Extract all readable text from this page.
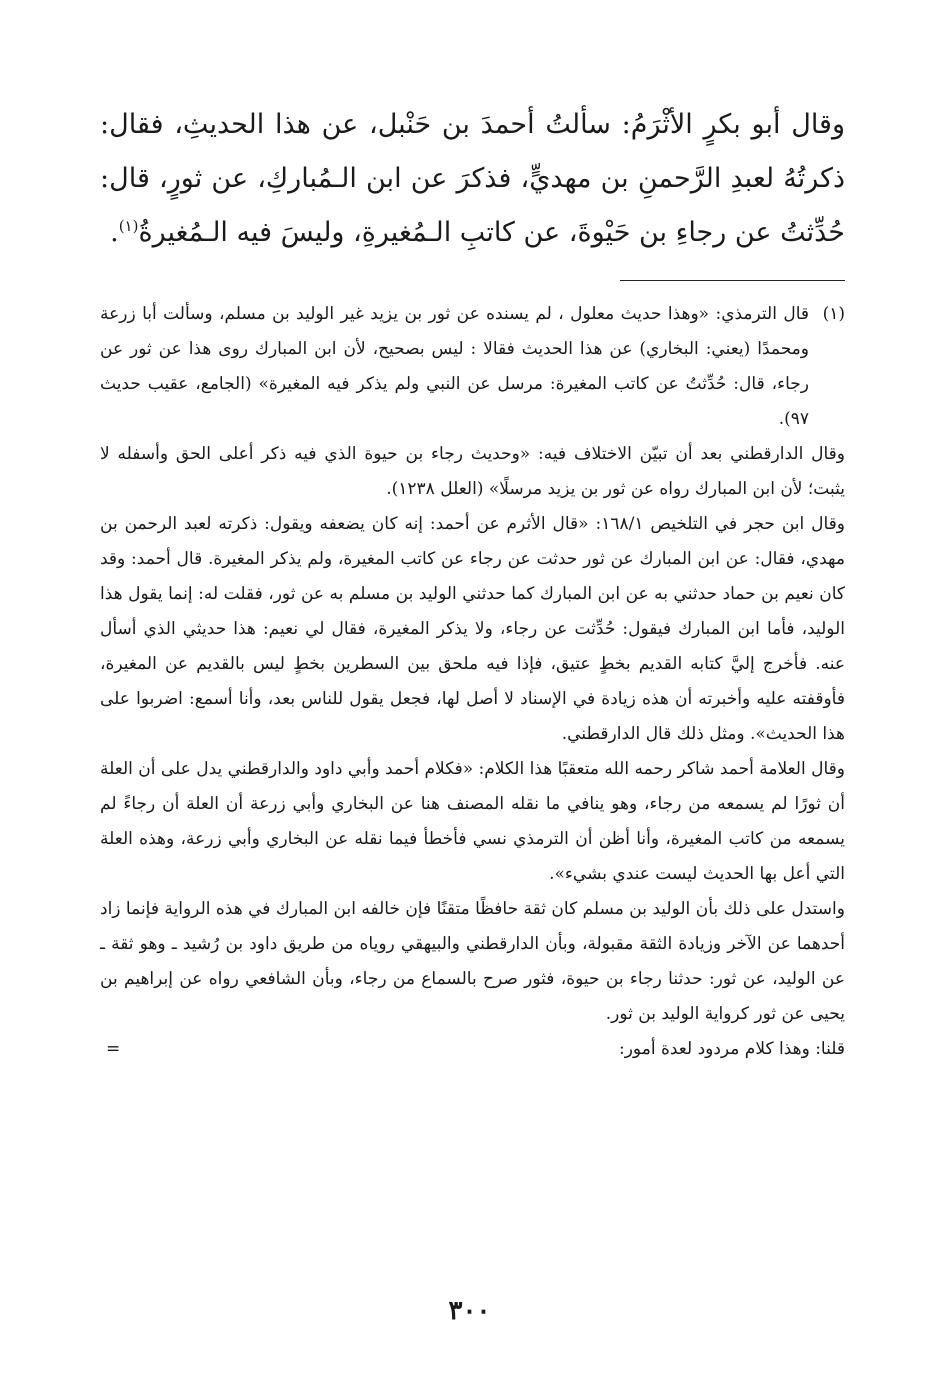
وقال أبو بكرٍ الأثْرَمُ: سألتُ أحمدَ بن حَنْبل، عن هذا الحديثِ، فقال: ذكرتُهُ لعبدِ الرَّحمنِ بن مهديٍّ، فذكرَ عن ابن الـمُباركِ، عن ثورٍ، قال: حُدِّثتُ عن رجاءِ بن حَيْوةَ، عن كاتبِ الـمُغيرةِ، وليسَ فيه الـمُغيرةُ$^{(١)}$.

(١)قال الترمذي: «وهذا حديث معلول ، لم يسنده عن ثور بن يزيد غير الوليد بن مسلم، وسألت أبا زرعة ومحمدًا (يعني: البخاري) عن هذا الحديث فقالا : ليس بصحيح، لأن ابن المبارك روى هذا عن ثور عن رجاء، قال: حُدِّثتُ عن كاتب المغيرة: مرسل عن النبي ولم يذكر فيه المغيرة» (الجامع، عقيب حديث ٩٧).

وقال الدارقطني بعد أن تبيّن الاختلاف فيه: «وحديث رجاء بن حيوة الذي فيه ذكر أعلى الحق وأسفله لا يثبت؛ لأن ابن المبارك رواه عن ثور بن يزيد مرسلًا» (العلل ١٢٣٨).

وقال ابن حجر في التلخيص ١٦٨/١: «قال الأثرم عن أحمد: إنه كان يضعفه ويقول: ذكرته لعبد الرحمن بن مهدي، فقال: عن ابن المبارك عن ثور حدثت عن رجاء عن كاتب المغيرة، ولم يذكر المغيرة. قال أحمد: وقد كان نعيم بن حماد حدثني به عن ابن المبارك كما حدثني الوليد بن مسلم به عن ثور، فقلت له: إنما يقول هذا الوليد، فأما ابن المبارك فيقول: حُدِّثت عن رجاء، ولا يذكر المغيرة، فقال لي نعيم: هذا حديثي الذي أسأل عنه. فأخرج إليَّ كتابه القديم بخطٍ عتيق، فإذا فيه ملحق بين السطرين بخطٍ ليس بالقديم عن المغيرة، فأوقفته عليه وأخبرته أن هذه زيادة في الإسناد لا أصل لها، فجعل يقول للناس بعد، وأنا أسمع: اضربوا على هذا الحديث». ومثل ذلك قال الدارقطني.

وقال العلامة أحمد شاكر رحمه الله متعقبًا هذا الكلام: «فكلام أحمد وأبي داود والدارقطني يدل على أن العلة أن ثورًا لم يسمعه من رجاء، وهو ينافي ما نقله المصنف هنا عن البخاري وأبي زرعة أن العلة أن رجاءً لم يسمعه من كاتب المغيرة، وأنا أظن أن الترمذي نسي فأخطأ فيما نقله عن البخاري وأبي زرعة، وهذه العلة التي أعل بها الحديث ليست عندي بشيء».

واستدل على ذلك بأن الوليد بن مسلم كان ثقة حافظًا متقنًا فإن خالفه ابن المبارك في هذه الرواية فإنما زاد أحدهما عن الآخر وزيادة الثقة مقبولة، وبأن الدارقطني والبيهقي روياه من طريق داود بن رُشيد ـ وهو ثقة ـ عن الوليد، عن ثور: حدثنا رجاء بن حيوة، فثور صرح بالسماع من رجاء، وبأن الشافعي رواه عن إبراهيم بن يحيى عن ثور كرواية الوليد بن ثور.

قلنا: وهذا كلام مردود لعدة أمور:
=

٣٠٠
